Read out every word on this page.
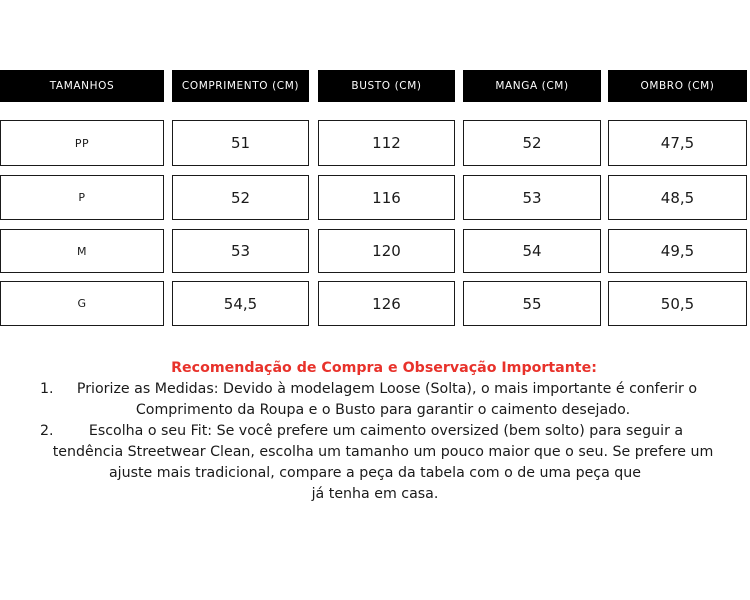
TAMANHOS	COMPRIMENTO (CM)	BUSTO (CM)	MANGA (CM)	OMBRO (CM)
PP	51	112	52	47,5
P	52	116	53	48,5
M	53	120	54	49,5
G	54,5	126	55	50,5
Recomendação de Compra e Observação Importante:
1. Priorize as Medidas: Devido à modelagem Loose (Solta), o mais importante é conferir o
Comprimento da Roupa e o Busto para garantir o caimento desejado.
2. Escolha o seu Fit: Se você prefere um caimento oversized (bem solto) para seguir a
tendência Streetwear Clean, escolha um tamanho um pouco maior que o seu. Se prefere um
ajuste mais tradicional, compare a peça da tabela com o de uma peça que
já tenha em casa.
